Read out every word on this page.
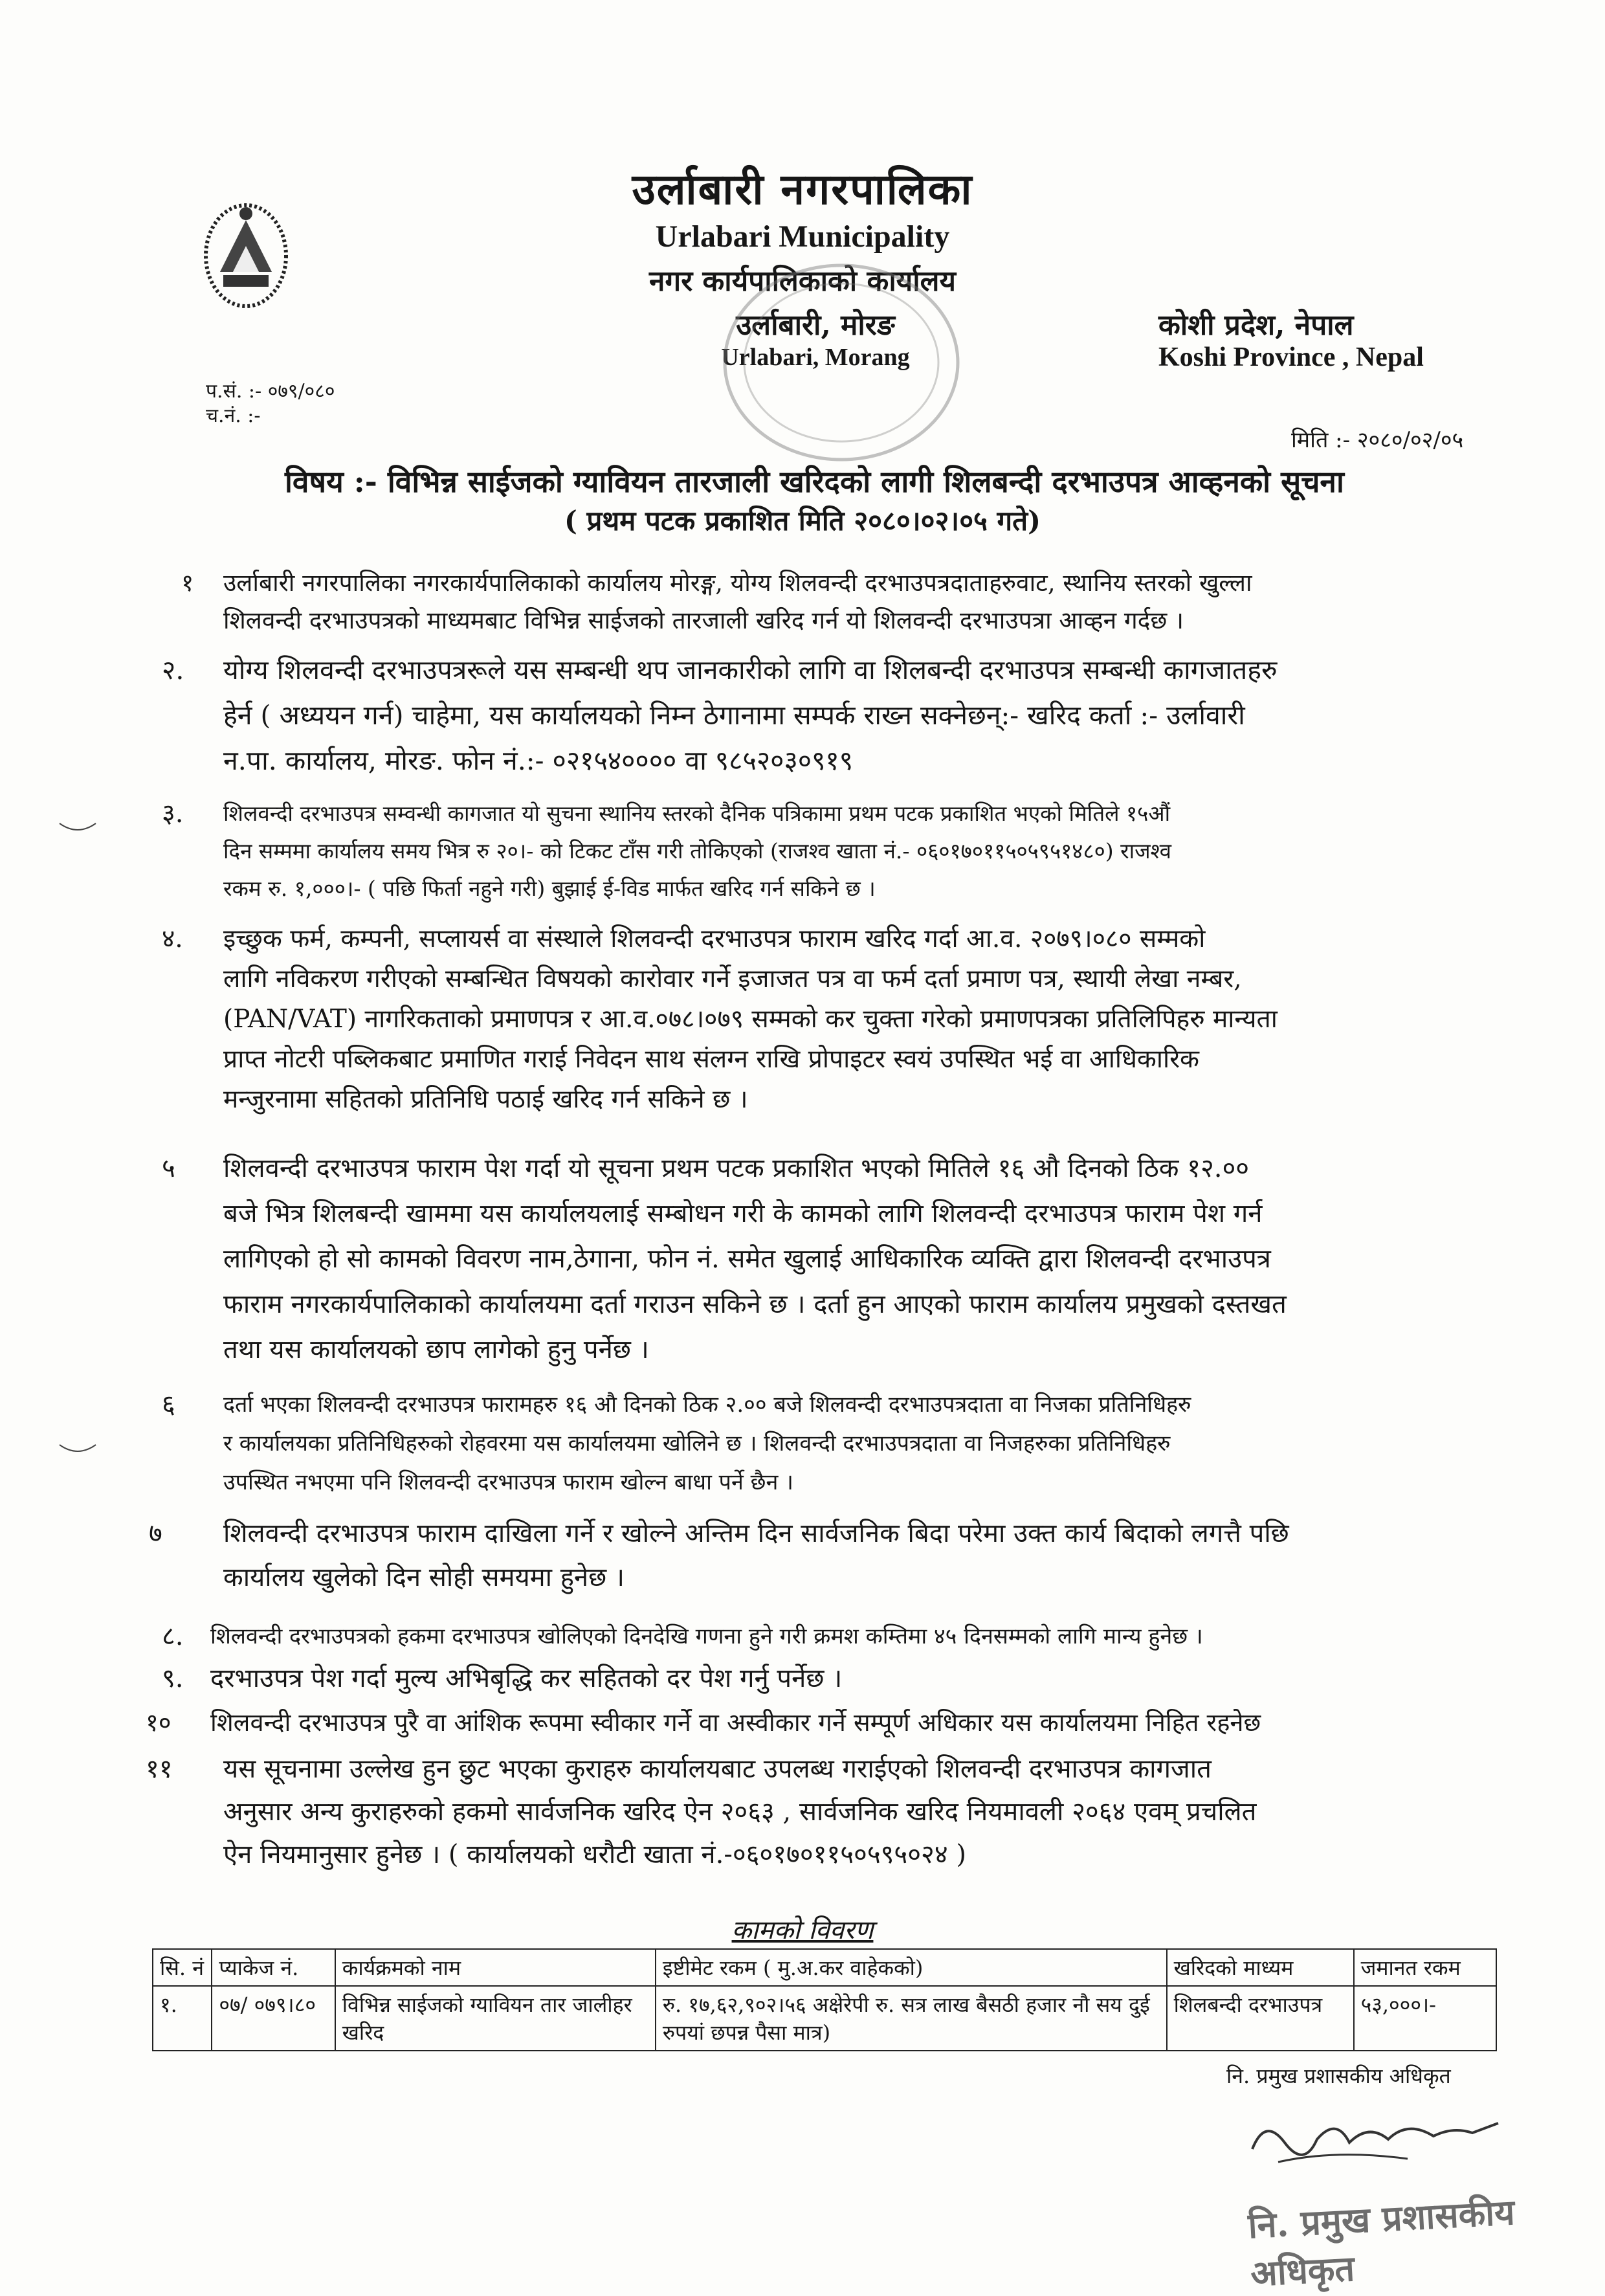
उर्लाबारी नगरपालिका
Urlabari Municipality
नगर कार्यपालिकाको कार्यालय
उर्लाबारी, मोरङ
Urlabari, Morang
कोशी प्रदेश, नेपाल
Koshi Province , Nepal
प.सं. :- ०७९/०८०
च.नं. :-
मिति :- २०८०/०२/०५
विषय :- विभिन्न साईजको ग्यावियन तारजाली खरिदको लागी शिलबन्दी दरभाउपत्र आव्हनको सूचना
( प्रथम पटक प्रकाशित मिति २०८०।०२।०५ गते)
१ उर्लाबारी नगरपालिका नगरकार्यपालिकाको कार्यालय मोरङ्ग, योग्य शिलवन्दी दरभाउपत्रदाताहरुवाट, स्थानिय स्तरको खुल्ला
शिलवन्दी दरभाउपत्रको माध्यमबाट विभिन्न साईजको तारजाली खरिद गर्न यो शिलवन्दी दरभाउपत्रा आव्हन गर्दछ ।
२. योग्य शिलवन्दी दरभाउपत्ररूले यस सम्बन्धी थप जानकारीको लागि वा शिलबन्दी दरभाउपत्र सम्बन्धी कागजातहरु
हेर्न ( अध्ययन गर्न) चाहेमा, यस कार्यालयको निम्न ठेगानामा सम्पर्क राख्न सक्नेछन्:- खरिद कर्ता :- उर्लावारी
न.पा. कार्यालय, मोरङ. फोन नं.:- ०२१५४०००० वा ९८५२०३०९१९
३. शिलवन्दी दरभाउपत्र सम्वन्धी कागजात यो सुचना स्थानिय स्तरको दैनिक पत्रिकामा प्रथम पटक प्रकाशित भएको मितिले १५औं
दिन सम्ममा कार्यालय समय भित्र रु २०।- को टिकट टाँस गरी तोकिएको (राजश्व खाता नं.- ०६०१७०११५०५९५१४८०) राजश्व
रकम रु. १,०००।- ( पछि फिर्ता नहुने गरी) बुझाई ई-विड मार्फत खरिद गर्न सकिने छ ।
४. इच्छुक फर्म, कम्पनी, सप्लायर्स वा संस्थाले शिलवन्दी दरभाउपत्र फाराम खरिद गर्दा आ.व. २०७९।०८० सम्मको
लागि नविकरण गरीएको सम्बन्धित विषयको कारोवार गर्ने इजाजत पत्र वा फर्म दर्ता प्रमाण पत्र, स्थायी लेखा नम्बर,
(PAN/VAT) नागरिकताको प्रमाणपत्र र आ.व.०७८।०७९ सम्मको कर चुक्ता गरेको प्रमाणपत्रका प्रतिलिपिहरु मान्यता
प्राप्त नोटरी पब्लिकबाट प्रमाणित गराई निवेदन साथ संलग्न राखि प्रोपाइटर स्वयं उपस्थित भई वा आधिकारिक
मन्जुरनामा सहितको प्रतिनिधि पठाई खरिद गर्न सकिने छ ।
५ शिलवन्दी दरभाउपत्र फाराम पेश गर्दा यो सूचना प्रथम पटक प्रकाशित भएको मितिले १६ औ दिनको ठिक १२.००
बजे भित्र शिलबन्दी खाममा यस कार्यालयलाई सम्बोधन गरी के कामको लागि शिलवन्दी दरभाउपत्र फाराम पेश गर्न
लागिएको हो सो कामको विवरण नाम,ठेगाना, फोन नं. समेत खुलाई आधिकारिक व्यक्ति द्वारा शिलवन्दी दरभाउपत्र
फाराम नगरकार्यपालिकाको कार्यालयमा दर्ता गराउन सकिने छ । दर्ता हुन आएको फाराम कार्यालय प्रमुखको दस्तखत
तथा यस कार्यालयको छाप लागेको हुनु पर्नेछ ।
६ दर्ता भएका शिलवन्दी दरभाउपत्र फारामहरु १६ औ दिनको ठिक २.०० बजे शिलवन्दी दरभाउपत्रदाता वा निजका प्रतिनिधिहरु
र कार्यालयका प्रतिनिधिहरुको रोहवरमा यस कार्यालयमा खोलिने छ । शिलवन्दी दरभाउपत्रदाता वा निजहरुका प्रतिनिधिहरु
उपस्थित नभएमा पनि शिलवन्दी दरभाउपत्र फाराम खोल्न बाधा पर्ने छैन ।
७ शिलवन्दी दरभाउपत्र फाराम दाखिला गर्ने र खोल्ने अन्तिम दिन सार्वजनिक बिदा परेमा उक्त कार्य बिदाको लगत्तै पछि
कार्यालय खुलेको दिन सोही समयमा हुनेछ ।
८. शिलवन्दी दरभाउपत्रको हकमा दरभाउपत्र खोलिएको दिनदेखि गणना हुने गरी क्रमश कम्तिमा ४५ दिनसम्मको लागि मान्य हुनेछ ।
९. दरभाउपत्र पेश गर्दा मुल्य अभिबृद्धि कर सहितको दर पेश गर्नु पर्नेछ ।
१० शिलवन्दी दरभाउपत्र पुरै वा आंशिक रूपमा स्वीकार गर्ने वा अस्वीकार गर्ने सम्पूर्ण अधिकार यस कार्यालयमा निहित रहनेछ
११ यस सूचनामा उल्लेख हुन छुट भएका कुराहरु कार्यालयबाट उपलब्ध गराईएको शिलवन्दी दरभाउपत्र कागजात
अनुसार अन्य कुराहरुको हकमो सार्वजनिक खरिद ऐन २०६३ , सार्वजनिक खरिद नियमावली २०६४ एवम् प्रचलित
ऐन नियमानुसार हुनेछ । ( कार्यालयको धरौटी खाता नं.-०६०१७०११५०५९५०२४ )
कामको विवरण
सि. नं	प्याकेज नं.	कार्यक्रमको नाम	इष्टीमेट रकम ( मु.अ.कर वाहेकको)	खरिदको माध्यम	जमानत रकम
१.	०७/ ०७९।८०	विभिन्न साईजको ग्यावियन तार जालीहर खरिद	रु. १७,६२,९०२।५६ अक्षेरेपी रु. सत्र लाख बैसठी हजार नौ सय दुई रुपयां छपन्न पैसा मात्र)	शिलबन्दी दरभाउपत्र	५३,०००।-
नि. प्रमुख प्रशासकीय अधिकृत
नि. प्रमुख प्रशासकीय अधिकृत
